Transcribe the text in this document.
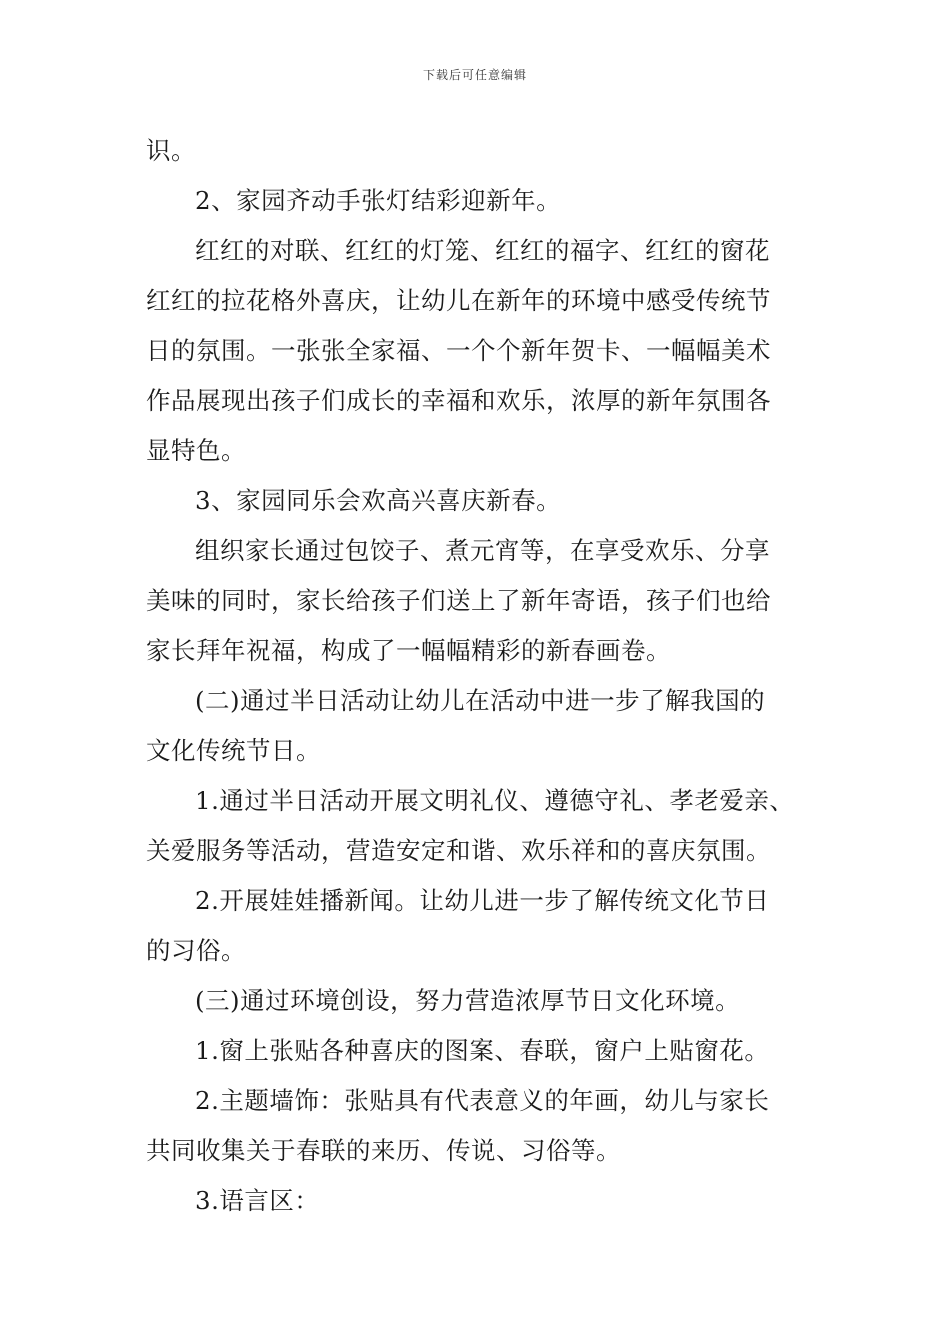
下载后可任意编辑
识。
2、家园齐动手张灯结彩迎新年。
红红的对联、红红的灯笼、红红的福字、红红的窗花
红红的拉花格外喜庆，让幼儿在新年的环境中感受传统节
日的氛围。一张张全家福、一个个新年贺卡、一幅幅美术
作品展现出孩子们成长的幸福和欢乐，浓厚的新年氛围各
显特色。
3、家园同乐会欢高兴喜庆新春。
组织家长通过包饺子、煮元宵等，在享受欢乐、分享
美味的同时，家长给孩子们送上了新年寄语，孩子们也给
家长拜年祝福，构成了一幅幅精彩的新春画卷。
(二)通过半日活动让幼儿在活动中进一步了解我国的
文化传统节日。
1.通过半日活动开展文明礼仪、遵德守礼、孝老爱亲、
关爱服务等活动，营造安定和谐、欢乐祥和的喜庆氛围。
2.开展娃娃播新闻。让幼儿进一步了解传统文化节日
的习俗。
(三)通过环境创设，努力营造浓厚节日文化环境。
1.窗上张贴各种喜庆的图案、春联，窗户上贴窗花。
2.主题墙饰：张贴具有代表意义的年画，幼儿与家长
共同收集关于春联的来历、传说、习俗等。
3.语言区：
